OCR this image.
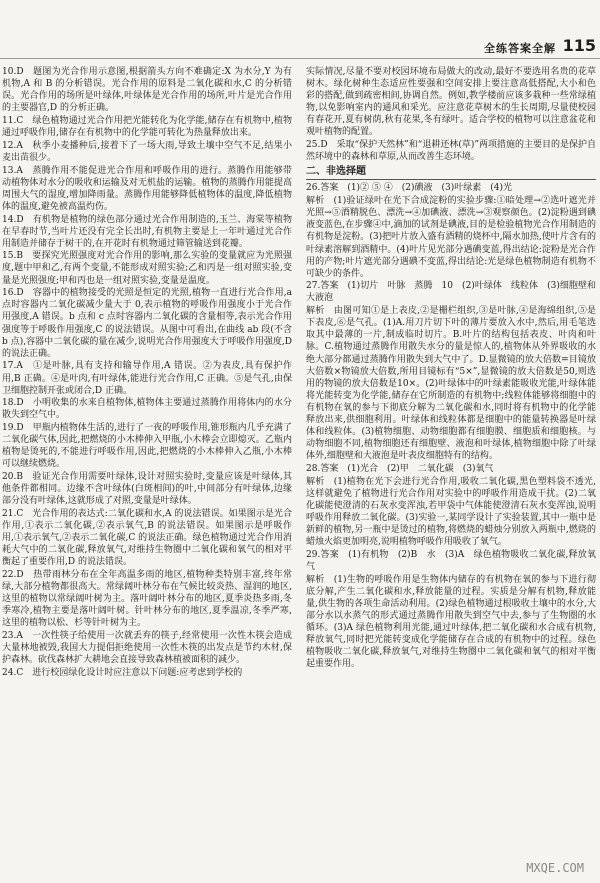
全练答案全解 115

10.D　题图为光合作用示意图,根据箭头方向不难确定:X 为水分,Y 为有机物,A 和 B 的分析错误。光合作用的原料是二氧化碳和水,C 的分析错误。光合作用的场所是叶绿体,叶绿体是光合作用的场所,叶片是光合作用的主要器官,D 的分析正确。

11.C　绿色植物通过光合作用把光能转化为化学能,储存在有机物中,植物通过呼吸作用,储存在有机物中的化学能可转化为热量释放出来。

12.A　秋季小麦播种后,接着下了一场大雨,导致土壤中空气不足,结果小麦出苗很少。

13.A　蒸腾作用不能促进光合作用和呼吸作用的进行。蒸腾作用能够带动植物体对水分的吸收和运输及对无机盐的运输。植物的蒸腾作用能提高周围大气的湿度,增加降雨量。蒸腾作用能够降低植物体的温度,降低植物体的温度,避免被高温灼伤。

14.D　有机物是植物的绿色部分通过光合作用制造的,玉兰、海棠等植物在早春时节,当叶片还没有完全长出时,有机物主要是上一年叶通过光合作用制造并储存于树干的,在开花时有机物通过筛管输送到花瓣。

15.B　要探究光照强度对光合作用的影响,那么实验的变量就应为光照强度,题中甲和乙,有两个变量,不能形成对照实验;乙和丙是一组对照实验,变量是光照强度;甲和丙也是一组对照实验,变量是温度。

16.D　容器中的植物接受的光照是恒定的光照,植物一直进行光合作用,a 点时容器内二氧化碳减少量大于 0,表示植物的呼吸作用强度小于光合作用强度,A 错误。b 点和 c 点时容器内二氧化碳的含量相等,表示光合作用强度等于呼吸作用强度,C 的说法错误。从图中可看出,在曲线 ab 段(不含 b 点),容器中二氧化碳的量在减少,说明光合作用强度大于呼吸作用强度,D 的说法正确。

17.A　①是叶脉,具有支持和输导作用,A 错误。②为表皮,具有保护作用,B 正确。④是叶肉,有叶绿体,能进行光合作用,C 正确。⑤是气孔,由保卫细胞控制开张或闭合,D 正确。

18.D　小明收集的水来自植物体,植物体主要通过蒸腾作用将体内的水分散失到空气中。

19.D　甲瓶内植物体生活的,进行了一夜的呼吸作用,锥形瓶内几乎充满了二氧化碳气体,因此,把燃烧的小木棒伸入甲瓶,小木棒会立即熄灭。乙瓶内植物是烫死的,不能进行呼吸作用,因此,把燃烧的小木棒伸入乙瓶,小木棒可以继续燃烧。

20.B　验证光合作用需要叶绿体,设计对照实验时,变量应该是叶绿体,其他条件都相同。边缘不含叶绿体(白斑相间)的叶,中间部分有叶绿体,边缘部分没有叶绿体,这就形成了对照,变量是叶绿体。

21.C　光合作用的表达式:二氧化碳和水,A 的说法错误。如果图示是光合作用,①表示二氧化碳,②表示氧气,B 的说法错误。如果图示是呼吸作用,①表示氧气,②表示二氧化碳,C 的说法正确。绿色植物通过光合作用消耗大气中的二氧化碳,释放氧气,对维持生物圈中二氧化碳和氧气的相对平衡起了重要作用,D 的说法错误。

22.D　热带雨林分布在全年高温多雨的地区,植物种类特别丰富,终年常绿,大部分植物都很高大。常绿阔叶林分布在气候比较炎热、湿润的地区,这里的植物以常绿阔叶树为主。落叶阔叶林分布的地区,夏季炎热多雨,冬季寒冷,植物主要是落叶阔叶树。针叶林分布的地区,夏季温凉,冬季严寒,这里的植物以松、杉等针叶树为主。

23.A　一次性筷子给使用一次就丢弃的筷子,经常使用一次性木筷会造成大量林地被毁,我国大力提倡拒绝使用一次性木筷的出发点是节约木材,保护森林。砍伐森林扩大耕地会直接导致森林植被面积的减少。

24.C　进行校园绿化设计时应注意以下问题:应考虑到学校的

实际情况,尽量不要对校园环境布局做大的改动,最好不要选用名贵的花草树木。绿化树种生态适应性要强和空间安排上要注意高低搭配,大小和色彩的搭配,做到疏密相间,协调自然。例如,教学楼前应该多栽种一些常绿植物,以免影响室内的通风和采光。应注意花草树木的生长周期,尽量使校园有春花开,夏有树荫,秋有花果,冬有绿叶。适合学校的植物可以注意盆花和观叶植物的配置。

25.D　采取“保护天然林”和“退耕还林(草)”两项措施的主要目的是保护自然环境中的森林和草原,从而改善生态环境。

二、非选择题

26.答案　(1)② ⑤ ④　(2)碘液　(3)叶绿素　(4)光

解析　(1)验证绿叶在光下合成淀粉的实验步骤:①暗处理→②选叶遮光并光照→⑤酒精脱色、漂洗→④加碘液、漂洗→③观察颜色。(2)淀粉遇到碘液变蓝色,在步骤④中,滴加的试剂是碘液,目的是检验植物光合作用制造的有机物是淀粉。(3)把叶片放入盛有酒精的烧杯中,隔水加热,使叶片含有的叶绿素溶解到酒精中。(4)叶片见光部分遇碘变蓝,得出结论:淀粉是光合作用的产物;叶片遮光部分遇碘不变蓝,得出结论:光是绿色植物制造有机物不可缺少的条件。

27.答案　(1)切片　叶脉　蒸腾　10　(2)叶绿体　线粒体　(3)细胞壁和大液泡

解析　由图可知①是上表皮,②是栅栏组织,③是叶脉,④是海绵组织,⑤是下表皮,⑥是气孔。(1)A.用刀片切下叶的薄片要放入水中,然后,用毛笔选取其中最薄的一片,制成临时切片。B.叶片的结构包括表皮、叶肉和叶脉。C.植物通过蒸腾作用散失水分的量是惊人的,植物体从外界吸收的水绝大部分都通过蒸腾作用散失到大气中了。D.显微镜的放大倍数=目镜放大倍数×物镜放大倍数,所用目镜标有“5×”,显微镜的放大倍数是50,则选用的物镜的放大倍数是10×。(2)叶绿体中的叶绿素能吸收光能,叶绿体能将光能转变为化学能,储存在它所制造的有机物中;线粒体能够将细胞中的有机物在氧的参与下彻底分解为二氧化碳和水,同时将有机物中的化学能释放出来,供细胞利用。叶绿体和线粒体都是细胞中的能量转换器是叶绿体和线粒体。(3)植物细胞、动物细胞都有细胞膜、细胞质和细胞核。与动物细胞不同,植物细胞还有细胞壁、液泡和叶绿体,植物细胞中除了叶绿体外,细胞壁和大液泡是叶表皮细胞特有的结构。

28.答案　(1)光合　(2)甲　二氧化碳　(3)氧气

解析　(1)植物在光下会进行光合作用,吸收二氧化碳,黑色塑料袋不透光,这样就避免了植物进行光合作用对实验中的呼吸作用造成干扰。(2)二氧化碳能使澄清的石灰水变浑浊,若甲袋中气体能使澄清石灰水变浑浊,说明呼吸作用释放二氧化碳。(3)实验一,某同学设计了实验装置,其中一瓶中是新鲜的植物,另一瓶中是烫过的植物,将燃烧的蜡烛分别放入两瓶中,燃烧的蜡烛火焰更加明亮,说明植物呼吸作用吸收了氧气。

29.答案　(1)有机物　(2)B　水　(3)A　绿色植物吸收二氧化碳,释放氧气

解析　(1)生物的呼吸作用是生物体内储存的有机物在氧的参与下进行彻底分解,产生二氧化碳和水,释放能量的过程。实质是分解有机物,释放能量,供生物的各项生命活动利用。(2)绿色植物通过根吸收土壤中的水分,大部分水以水蒸气的形式通过蒸腾作用散失到空气中去,参与了生物圈的水循环。(3)A 绿色植物利用光能,通过叶绿体,把二氧化碳和水合成有机物,释放氧气,同时把光能转变成化学能储存在合成的有机物中的过程。绿色植物吸收二氧化碳,释放氧气,对维持生物圈中二氧化碳和氧气的相对平衡起重要作用。

MXQE.COM
